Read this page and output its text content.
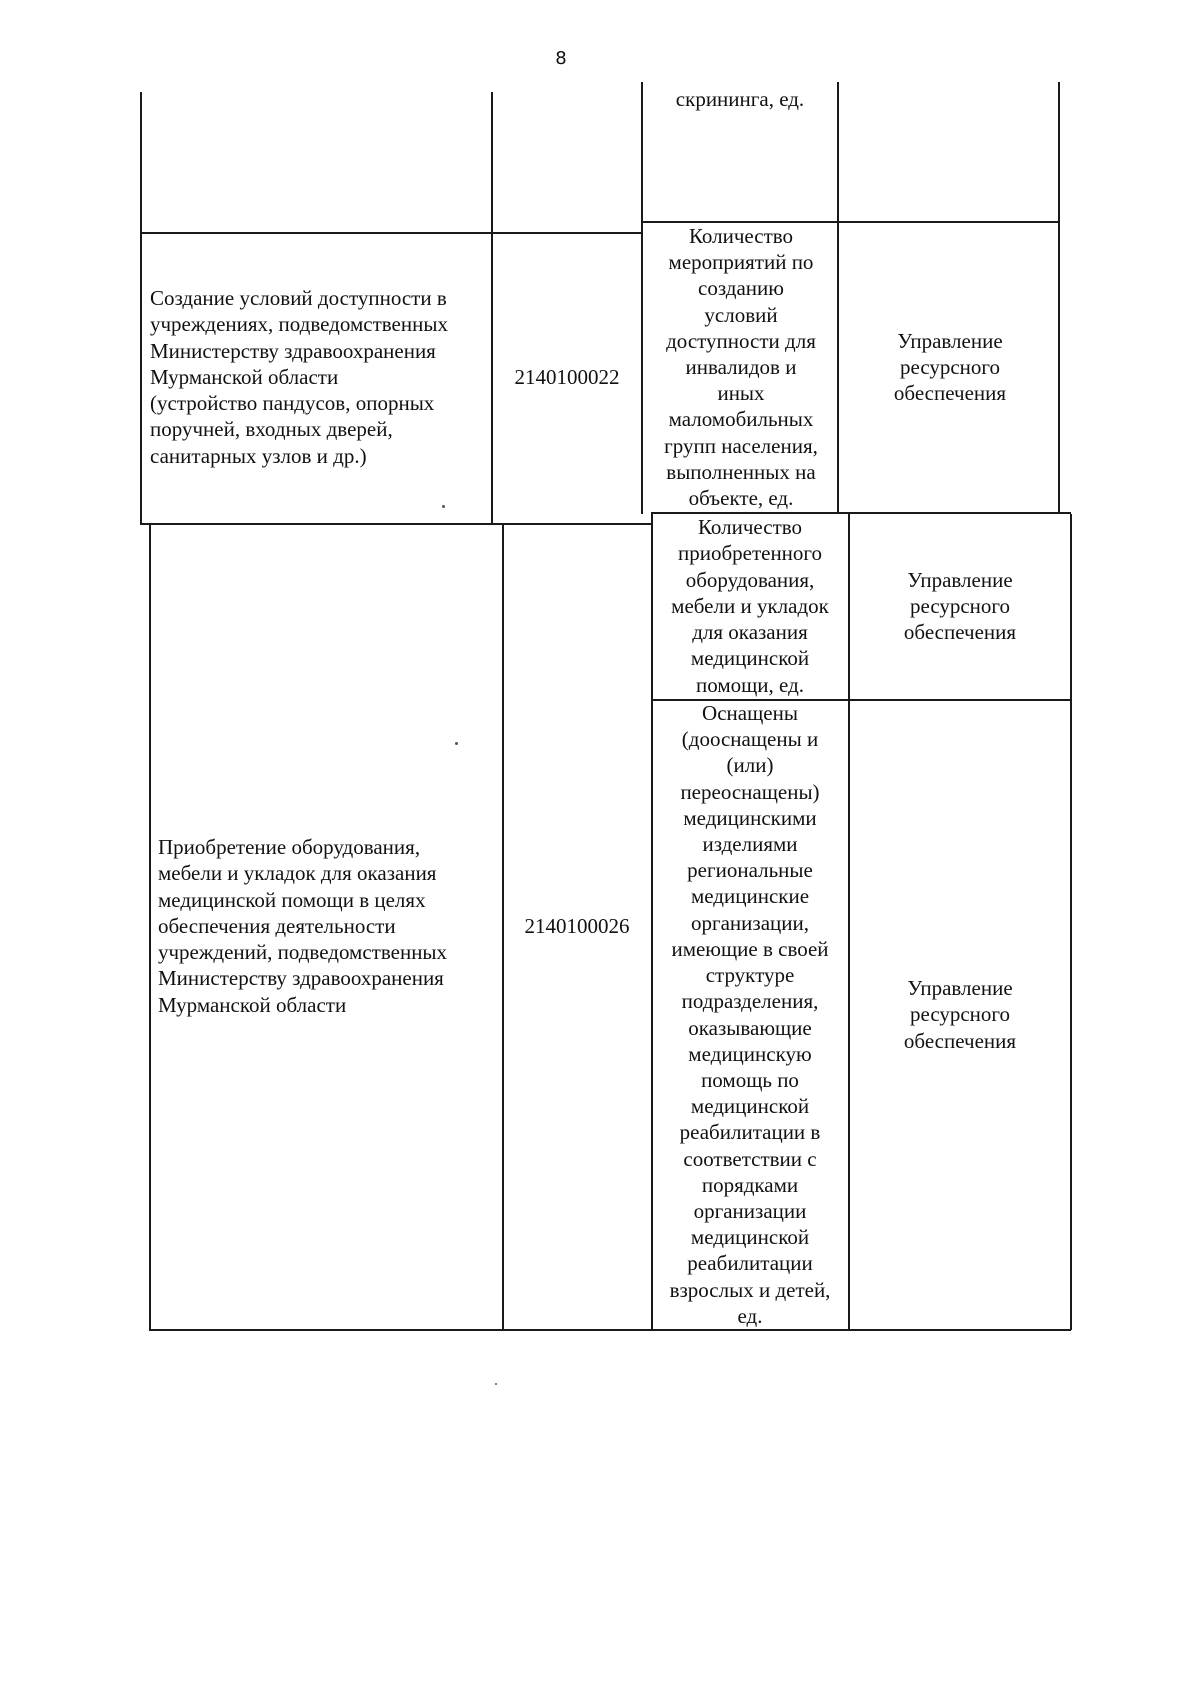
8
скрининга, ед.
Создание условий доступности в
учреждениях, подведомственных
Министерству здравоохранения
Мурманской области
(устройство пандусов, опорных
поручней, входных дверей,
санитарных узлов и др.)
2140100022
Количество
мероприятий по
созданию
условий
доступности для
инвалидов и
иных
маломобильных
групп населения,
выполненных на
объекте, ед.
Управление
ресурсного
обеспечения
Приобретение оборудования,
мебели и укладок для оказания
медицинской помощи в целях
обеспечения деятельности
учреждений, подведомственных
Министерству здравоохранения
Мурманской области
2140100026
Количество
приобретенного
оборудования,
мебели и укладок
для оказания
медицинской
помощи, ед.
Управление
ресурсного
обеспечения
Оснащены
(дооснащены и
(или)
переоснащены)
медицинскими
изделиями
региональные
медицинские
организации,
имеющие в своей
структуре
подразделения,
оказывающие
медицинскую
помощь по
медицинской
реабилитации в
соответствии с
порядками
организации
медицинской
реабилитации
взрослых и детей,
ед.
Управление
ресурсного
обеспечения
